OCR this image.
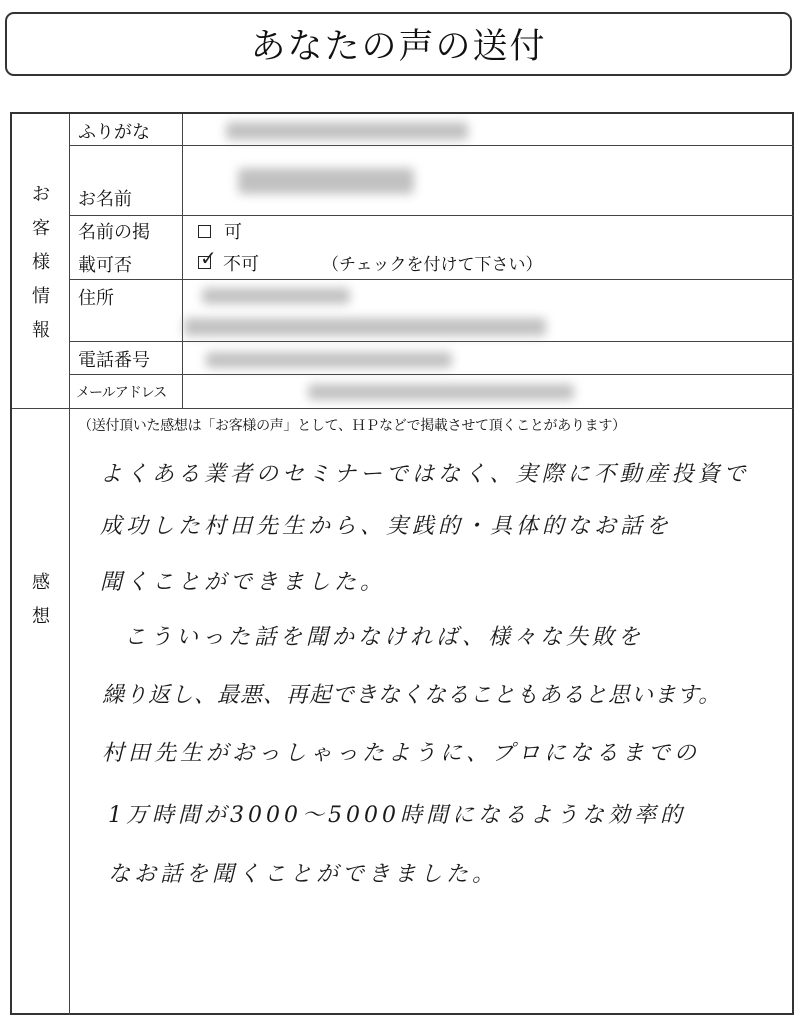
あなたの声の送付
お
客
様
情
報
感
想
ふりがな
お名前
名前の掲
載可否
住所
電話番号
メールアドレス
可
✓ 不可	（チェックを付けて下さい）
（送付頂いた感想は「お客様の声」として、ＨＰなどで掲載させて頂くことがあります）
よくある業者のセミナーではなく、実際に不動産投資で
成功した村田先生から、実践的・具体的なお話を
聞くことができました。
こういった話を聞かなければ、様々な失敗を
繰り返し、最悪、再起できなくなることもあると思います。
村田先生がおっしゃったように、プロになるまでの
1万時間が3000〜5000時間になるような効率的
なお話を聞くことができました。
